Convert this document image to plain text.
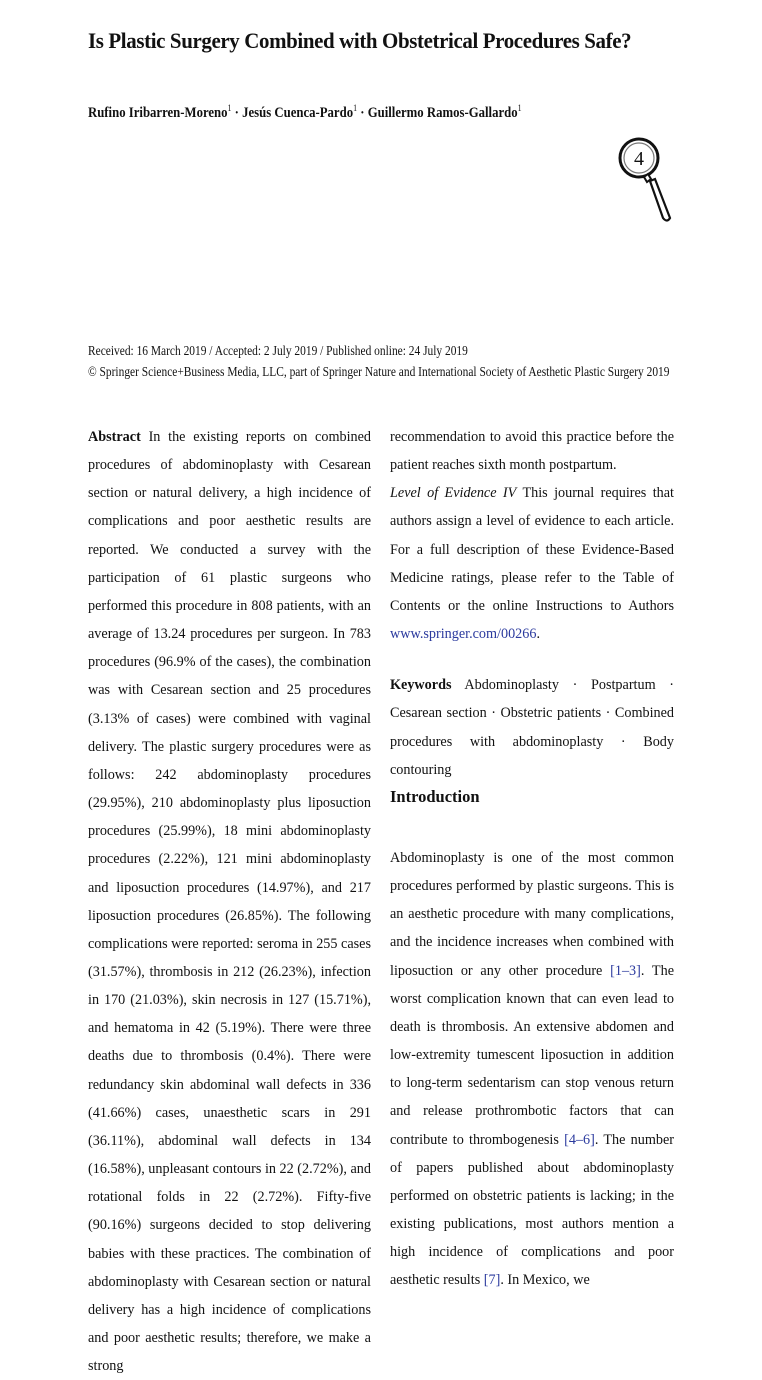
Is Plastic Surgery Combined with Obstetrical Procedures Safe?
Rufino Iribarren-Moreno$^1$ · Jesús Cuenca-Pardo$^1$ · Guillermo Ramos-Gallardo$^1$
4
Received: 16 March 2019 / Accepted: 2 July 2019 / Published online: 24 July 2019
© Springer Science+Business Media, LLC, part of Springer Nature and International Society of Aesthetic Plastic Surgery 2019

Abstract In the existing reports on combined procedures of abdominoplasty with Cesarean section or natural delivery, a high incidence of complications and poor aesthetic results are reported. We conducted a survey with the participation of 61 plastic surgeons who performed this procedure in 808 patients, with an average of 13.24 procedures per surgeon. In 783 procedures (96.9% of the cases), the combination was with Cesarean section and 25 procedures (3.13% of cases) were combined with vaginal delivery. The plastic surgery procedures were as follows: 242 abdominoplasty procedures (29.95%), 210 abdominoplasty plus liposuction procedures (25.99%), 18 mini abdominoplasty procedures (2.22%), 121 mini abdominoplasty and liposuction procedures (14.97%), and 217 liposuction procedures (26.85%). The following complications were reported: seroma in 255 cases (31.57%), thrombosis in 212 (26.23%), infection in 170 (21.03%), skin necrosis in 127 (15.71%), and hematoma in 42 (5.19%). There were three deaths due to thrombosis (0.4%). There were redundancy skin abdominal wall defects in 336 (41.66%) cases, unaesthetic scars in 291 (36.11%), abdominal wall defects in 134 (16.58%), unpleasant contours in 22 (2.72%), and rotational folds in 22 (2.72%). Fifty-five (90.16%) surgeons decided to stop delivering babies with these practices. The combination of abdominoplasty with Cesarean section or natural delivery has a high incidence of complications and poor aesthetic results; therefore, we make a strong

recommendation to avoid this practice before the patient reaches sixth month postpartum.

Level of Evidence IV This journal requires that authors assign a level of evidence to each article. For a full description of these Evidence-Based Medicine ratings, please refer to the Table of Contents or the online Instructions to Authors www.springer.com/00266.

Keywords Abdominoplasty · Postpartum · Cesarean section · Obstetric patients · Combined procedures with abdominoplasty · Body contouring

Introduction
Abdominoplasty is one of the most common procedures performed by plastic surgeons. This is an aesthetic procedure with many complications, and the incidence increases when combined with liposuction or any other procedure [1–3]. The worst complication known that can even lead to death is thrombosis. An extensive abdomen and low-extremity tumescent liposuction in addition to long-term sedentarism can stop venous return and release prothrombotic factors that can contribute to thrombogenesis [4–6]. The number of papers published about abdominoplasty performed on obstetric patients is lacking; in the existing publications, most authors mention a high incidence of complications and poor aesthetic results [7]. In Mexico, we
